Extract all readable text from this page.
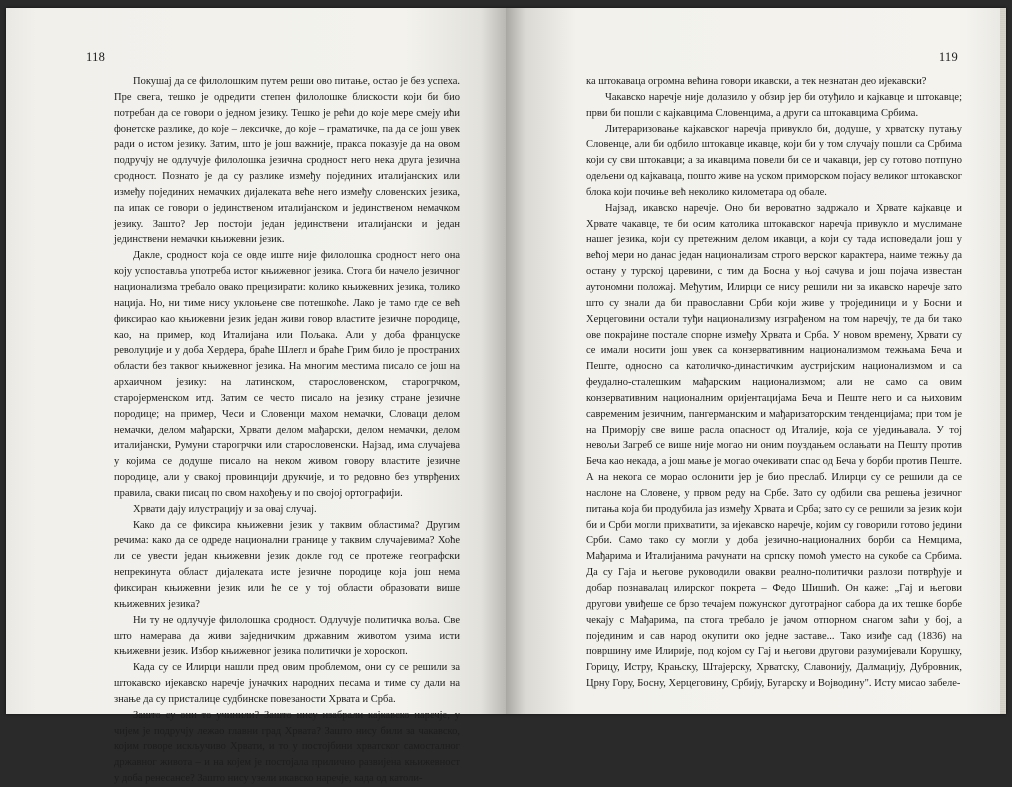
118

Покушај да се филолошким путем реши ово питање, остао је без успеха. Пре свега, тешко је одредити степен филолошке блискости који би био потребан да се говори о једном језику. Тешко је рећи до које мере смеју ићи фонетске разлике, до које – лексичке, до које – граматичке, па да се још увек ради о истом језику. Затим, што је још важније, пракса показује да на овом подручју не одлучује филолошка језична сродност него нека друга језична сродност. Познато је да су разлике између појединих италијанских или између појединих немачких дијалеката веће него између словенских језика, па ипак се говори о јединственом италијанском и јединственом немачком језику. Зашто? Јер постоји један јединствени италијански и један јединствени немачки књижевни језик.

Дакле, сродност која се овде иште није филолошка сродност него она коју успоставља употреба истог књижевног језика. Стога би начело језичног национализма требало овако прецизирати: колико књижевних језика, толико нација. Но, ни тиме нису уклоњене све потешкоће. Лако је тамо где се већ фиксирао као књижевни језик један живи говор властите језичне породице, као, на пример, код Италијана или Пољака. Али у доба француске револуције и у доба Хердера, браће Шлегл и браће Грим било је пространих области без таквог књижевног језика. На многим местима писало се још на архаичном језику: на латинском, старословенском, старогрчком, старојерменском итд. Затим се често писало на језику стране језичне породице; на пример, Чеси и Словенци махом немачки, Словаци делом немачки, делом мађарски, Хрвати делом мађарски, делом немачки, делом италијански, Румуни старогрчки или старословенски. Најзад, има случајева у којима се додуше писало на неком живом говору властите језичне породице, али у свакој провинцији друкчије, и то редовно без утврђених правила, сваки писац по свом нахођењу и по својој ортографији.

Хрвати дају илустрацију и за овај случај.

Како да се фиксира књижевни језик у таквим областима? Другим речима: како да се одреде национални границе у таквим случајевима? Хоће ли се увести један књижевни језик докле год се протеже географски непрекинута област дијалеката исте језичне породице која још нема фиксиран књижевни језик или ће се у тој области образовати више књижевних језика?

Ни ту не одлучује филолошка сродност. Одлучује политичка воља. Све што намерава да живи заједничким државним животом узима исти књижевни језик. Избор књижевног језика политички је хороскоп.

Када су се Илирци нашли пред овим проблемом, они су се решили за штокавско ијекавско наречје јуначких народних песама и тиме су дали на знање да су присталице судбинске повезаности Хрвата и Срба.

Зашто су они то учинили? Зашто нису изабрали кајкавско наречје, у чијем је подручју лежао главни град Хрвата? Зашто нису били за чакавско, којим говоре искључиво Хрвати, и то у постојбини хрватског самосталног државног живота – и на којем је постојала прилично развијена књижевност у доба ренесансе? Зашто нису узели икавско наречје, када од католи-

119

ка штокаваца огромна већина говори икавски, а тек незнатан део ијекавски?

Чакавско наречје није долазило у обзир јер би отуђило и кајкавце и штокавце; први би пошли с кајкавцима Словенцима, а други са штокавцима Србима.

Литераризовање кајкавског наречја привукло би, додуше, у хрватску путању Словенце, али би одбило штокавце икавце, који би у том случају пошли са Србима који су сви штокавци; а за икавцима повели би се и чакавци, јер су готово потпуно одељени од кајкаваца, пошто живе на уском приморском појасу великог штокавског блока који почиње већ неколико километара од обале.

Најзад, икавско наречје. Оно би вероватно задржало и Хрвате кајкавце и Хрвате чакавце, те би осим католика штокавског наречја привукло и муслимане нашег језика, који су претежним делом икавци, а који су тада исповедали још у већој мери но данас један национализам строго верског карактера, наиме тежњу да остану у турској царевини, с тим да Босна у њој сачува и још појача известан аутономни положај. Међутим, Илирци се нису решили ни за икавско наречје зато што су знали да би православни Срби који живе у тројединици и у Босни и Херцеговини остали туђи национализму изграђеном на том наречју, те да би тако ове покрајине постале спорне између Хрвата и Срба. У новом времену, Хрвати су се имали носити још увек са конзервативним национализмом тежњама Беча и Пеште, односно са католичко-династичким аустријским национализмом и са феудално-сталешким мађарским национализмом; али не само са овим конзервативним националним оријентацијама Беча и Пеште него и са њиховим савременим језичним, пангерманским и мађаризаторским тенденцијама; при том је на Приморју све више расла опасност од Италије, која се уједињавала. У тој невољи Загреб се више није могао ни оним поуздањем ослањати на Пешту против Беча као некада, а још мање је могао очекивати спас од Беча у борби против Пеште. А на некога се морао ослонити јер је био преслаб. Илирци су се решили да се наслоне на Словене, у првом реду на Србе. Зато су одбили сва решења језичног питања која би продубила јаз између Хрвата и Срба; зато су се решили за језик који би и Срби могли прихватити, за ијекавско наречје, којим су говорили готово једини Срби. Само тако су могли у доба језично-националних борби са Немцима, Мађарима и Италијанима рачунати на српску помоћ уместо на сукобе са Србима. Да су Гаја и његове руководили овакви реално-политички разлози потврђује и добар познавалац илирског покрета – Федо Шишић. Он каже: „Гај и његови другови увиђеше се брзо течајем пожунског дуготрајног сабора да их тешке борбе чекају с Мађарима, па стога требало је јачом отпорном снагом заћи у бој, а појединим и сав народ окупити око једне заставе... Тако изиђе сад (1836) на површину име Илирије, под којом су Гај и његови другови разумијевали Корушку, Горицу, Истру, Крањску, Штајерску, Хрватску, Славонију, Далмацију, Дубровник, Црну Гору, Босну, Херцеговину, Србију, Бугарску и Војводину". Исту мисао забеле-
